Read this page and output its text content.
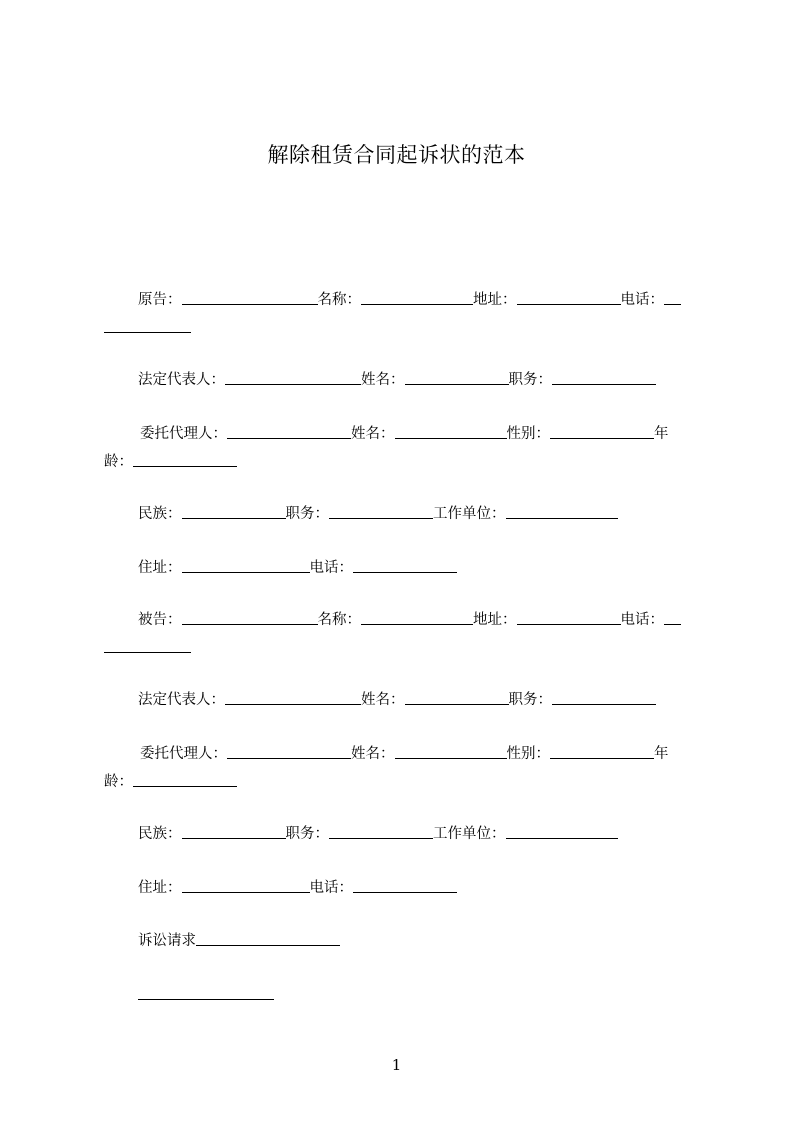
解除租赁合同起诉状的范本
原告：	名称：	地址：	电话：
法定代表人：	姓名：	职务：
委托代理人：	姓名：	性别：	年
龄：
民族：	职务：	工作单位：
住址：	电话：
被告：	名称：	地址：	电话：
法定代表人：	姓名：	职务：
委托代理人：	姓名：	性别：	年
龄：
民族：	职务：	工作单位：
住址：	电话：
诉讼请求
1
